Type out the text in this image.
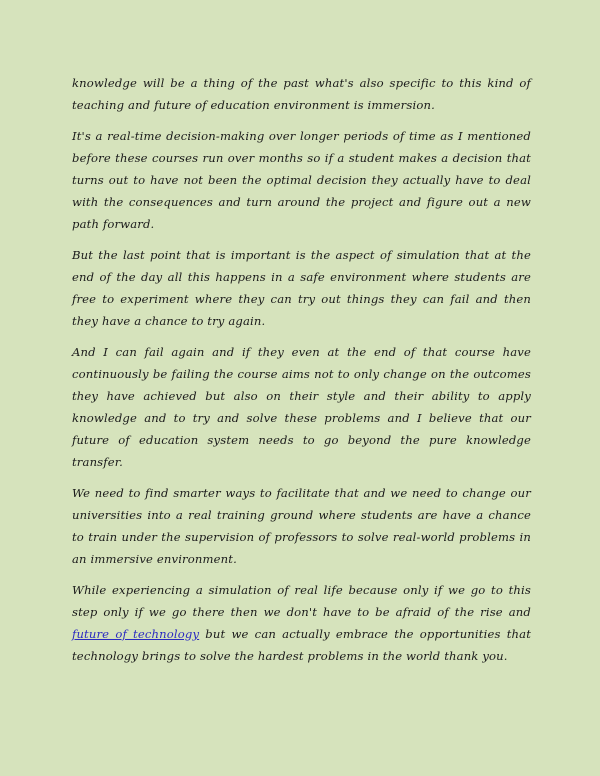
knowledge will be a thing of the past what's also specific to this kind of teaching and future of education environment is immersion.

It's a real-time decision-making over longer periods of time as I mentioned before these courses run over months so if a student makes a decision that turns out to have not been the optimal decision they actually have to deal with the consequences and turn around the project and figure out a new path forward.

But the last point that is important is the aspect of simulation that at the end of the day all this happens in a safe environment where students are free to experiment where they can try out things they can fail and then they have a chance to try again.

And I can fail again and if they even at the end of that course have continuously be failing the course aims not to only change on the outcomes they have achieved but also on their style and their ability to apply knowledge and to try and solve these problems and I believe that our future of education system needs to go beyond the pure knowledge transfer.

We need to find smarter ways to facilitate that and we need to change our universities into a real training ground where students are have a chance to train under the supervision of professors to solve real-world problems in an immersive environment.

While experiencing a simulation of real life because only if we go to this step only if we go there then we don't have to be afraid of the rise and future of technology but we can actually embrace the opportunities that technology brings to solve the hardest problems in the world thank you.
